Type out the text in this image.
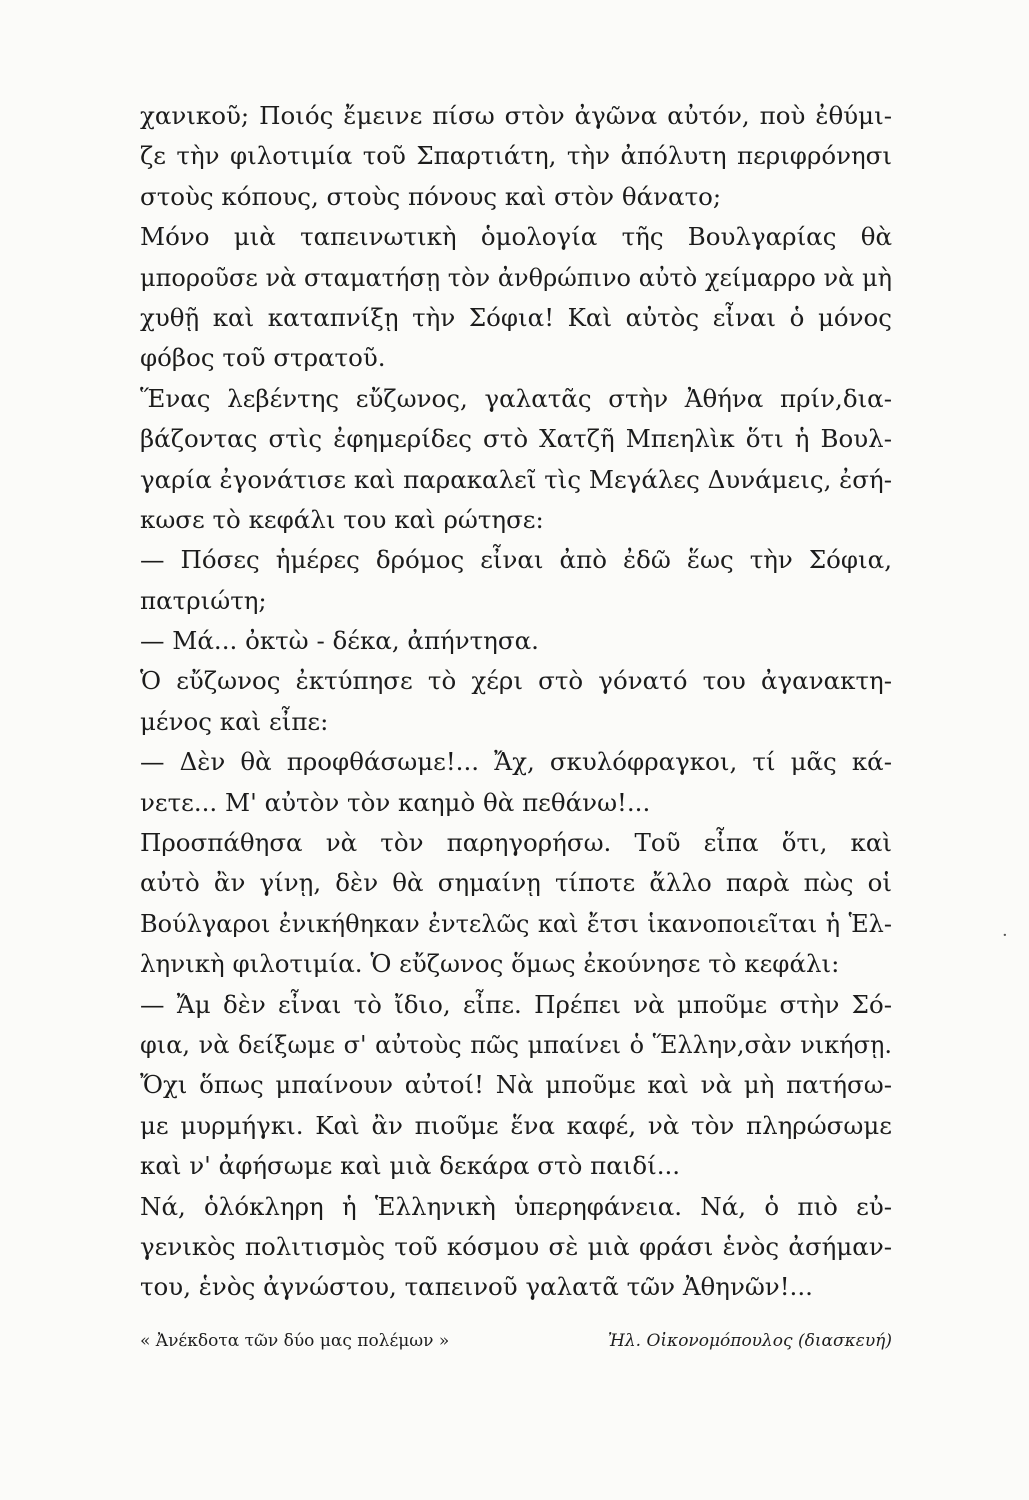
χανικοῦ; Ποιός ἔμεινε πίσω στὸν ἀγῶνα αὐτόν, ποὺ ἐθύμι-
ζε τὴν φιλοτιμία τοῦ Σπαρτιάτη, τὴν ἀπόλυτη περιφρόνησι
στοὺς κόπους, στοὺς πόνους καὶ στὸν θάνατο;
Μόνο μιὰ ταπεινωτικὴ ὁμολογία τῆς Βουλγαρίας θὰ
μποροῦσε νὰ σταματήσῃ τὸν ἀνθρώπινο αὐτὸ χείμαρρο νὰ μὴ
χυθῇ καὶ καταπνίξῃ τὴν Σόφια! Καὶ αὐτὸς εἶναι ὁ μόνος
φόβος τοῦ στρατοῦ.
Ἕνας λεβέντης εὔζωνος, γαλατᾶς στὴν Ἀθήνα πρίν,δια-
βάζοντας στὶς ἐφημερίδες στὸ Χατζῆ Μπεηλὶκ ὅτι ἡ Βουλ-
γαρία ἐγονάτισε καὶ παρακαλεῖ τὶς Μεγάλες Δυνάμεις, ἐσή-
κωσε τὸ κεφάλι του καὶ ρώτησε:
— Πόσες ἡμέρες δρόμος εἶναι ἀπὸ ἐδῶ ἕως τὴν Σόφια,
πατριώτη;
— Μά... ὀκτὼ - δέκα, ἀπήντησα.
Ὁ εὔζωνος ἐκτύπησε τὸ χέρι στὸ γόνατό του ἀγανακτη-
μένος καὶ εἶπε:
— Δὲν θὰ προφθάσωμε!... Ἄχ, σκυλόφραγκοι, τί μᾶς κά-
νετε... Μ' αὐτὸν τὸν καημὸ θὰ πεθάνω!...
Προσπάθησα νὰ τὸν παρηγορήσω. Τοῦ εἶπα ὅτι, καὶ
αὐτὸ ἂν γίνῃ, δὲν θὰ σημαίνῃ τίποτε ἄλλο παρὰ πὼς οἱ
Βούλγαροι ἐνικήθηκαν ἐντελῶς καὶ ἔτσι ἱκανοποιεῖται ἡ Ἑλ-
ληνικὴ φιλοτιμία. Ὁ εὔζωνος ὅμως ἐκούνησε τὸ κεφάλι:
— Ἄμ δὲν εἶναι τὸ ἴδιο, εἶπε. Πρέπει νὰ μποῦμε στὴν Σό-
φια, νὰ δείξωμε σ' αὐτοὺς πῶς μπαίνει ὁ Ἕλλην,σὰν νικήσῃ.
Ὄχι ὅπως μπαίνουν αὐτοί! Νὰ μποῦμε καὶ νὰ μὴ πατήσω-
με μυρμήγκι. Καὶ ἂν πιοῦμε ἕνα καφέ, νὰ τὸν πληρώσωμε
καὶ ν' ἀφήσωμε καὶ μιὰ δεκάρα στὸ παιδί...
Νά, ὁλόκληρη ἡ Ἑλληνικὴ ὑπερηφάνεια. Νά, ὁ πιὸ εὐ-
γενικὸς πολιτισμὸς τοῦ κόσμου σὲ μιὰ φράσι ἑνὸς ἀσήμαν-
του, ἑνὸς ἀγνώστου, ταπεινοῦ γαλατᾶ τῶν Ἀθηνῶν!...
« Ἀνέκδοτα τῶν δύο μας πολέμων »	Ἠλ. Οἰκονομόπουλος (διασκευή)
·
